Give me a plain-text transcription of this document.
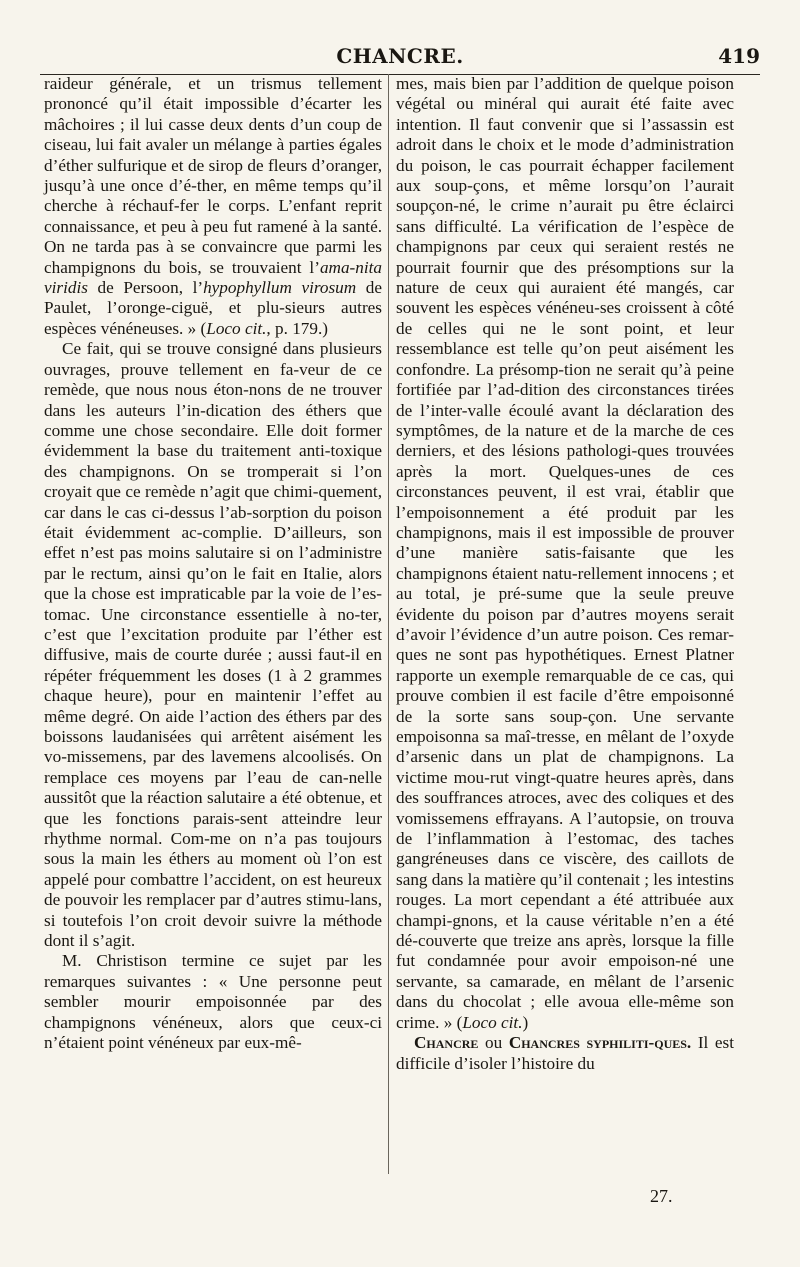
CHANCRE.	419

raideur générale, et un trismus tellement prononcé qu’il était impossible d’écarter les mâchoires ; il lui casse deux dents d’un coup de ciseau, lui fait avaler un mélange à parties égales d’éther sulfurique et de sirop de fleurs d’oranger, jusqu’à une once d’é-ther, en même temps qu’il cherche à réchauf-fer le corps. L’enfant reprit connaissance, et peu à peu fut ramené à la santé. On ne tarda pas à se convaincre que parmi les champignons du bois, se trouvaient l’ama-nita viridis de Persoon, l’hypophyllum virosum de Paulet, l’oronge-ciguë, et plu-sieurs autres espèces vénéneuses. » (Loco cit., p. 179.)

Ce fait, qui se trouve consigné dans plusieurs ouvrages, prouve tellement en fa-veur de ce remède, que nous nous éton-nons de ne trouver dans les auteurs l’in-dication des éthers que comme une chose secondaire. Elle doit former évidemment la base du traitement anti-toxique des champignons. On se tromperait si l’on croyait que ce remède n’agit que chimi-quement, car dans le cas ci-dessus l’ab-sorption du poison était évidemment ac-complie. D’ailleurs, son effet n’est pas moins salutaire si on l’administre par le rectum, ainsi qu’on le fait en Italie, alors que la chose est impraticable par la voie de l’es-tomac. Une circonstance essentielle à no-ter, c’est que l’excitation produite par l’éther est diffusive, mais de courte durée ; aussi faut-il en répéter fréquemment les doses (1 à 2 grammes chaque heure), pour en maintenir l’effet au même degré. On aide l’action des éthers par des boissons laudanisées qui arrêtent aisément les vo-missemens, par des lavemens alcoolisés. On remplace ces moyens par l’eau de can-nelle aussitôt que la réaction salutaire a été obtenue, et que les fonctions parais-sent atteindre leur rhythme normal. Com-me on n’a pas toujours sous la main les éthers au moment où l’on est appelé pour combattre l’accident, on est heureux de pouvoir les remplacer par d’autres stimu-lans, si toutefois l’on croit devoir suivre la méthode dont il s’agit.

M. Christison termine ce sujet par les remarques suivantes : « Une personne peut sembler mourir empoisonnée par des champignons vénéneux, alors que ceux-ci n’étaient point vénéneux par eux-mê-

mes, mais bien par l’addition de quelque poison végétal ou minéral qui aurait été faite avec intention. Il faut convenir que si l’assassin est adroit dans le choix et le mode d’administration du poison, le cas pourrait échapper facilement aux soup-çons, et même lorsqu’on l’aurait soupçon-né, le crime n’aurait pu être éclairci sans difficulté. La vérification de l’espèce de champignons par ceux qui seraient restés ne pourrait fournir que des présomptions sur la nature de ceux qui auraient été mangés, car souvent les espèces vénéneu-ses croissent à côté de celles qui ne le sont point, et leur ressemblance est telle qu’on peut aisément les confondre. La présomp-tion ne serait qu’à peine fortifiée par l’ad-dition des circonstances tirées de l’inter-valle écoulé avant la déclaration des symptômes, de la nature et de la marche de ces derniers, et des lésions pathologi-ques trouvées après la mort. Quelques-unes de ces circonstances peuvent, il est vrai, établir que l’empoisonnement a été produit par les champignons, mais il est impossible de prouver d’une manière satis-faisante que les champignons étaient natu-rellement innocens ; et au total, je pré-sume que la seule preuve évidente du poison par d’autres moyens serait d’avoir l’évidence d’un autre poison. Ces remar-ques ne sont pas hypothétiques. Ernest Platner rapporte un exemple remarquable de ce cas, qui prouve combien il est facile d’être empoisonné de la sorte sans soup-çon. Une servante empoisonna sa maî-tresse, en mêlant de l’oxyde d’arsenic dans un plat de champignons. La victime mou-rut vingt-quatre heures après, dans des souffrances atroces, avec des coliques et des vomissemens effrayans. A l’autopsie, on trouva de l’inflammation à l’estomac, des taches gangréneuses dans ce viscère, des caillots de sang dans la matière qu’il contenait ; les intestins rouges. La mort cependant a été attribuée aux champi-gnons, et la cause véritable n’en a été dé-couverte que treize ans après, lorsque la fille fut condamnée pour avoir empoison-né une servante, sa camarade, en mêlant de l’arsenic dans du chocolat ; elle avoua elle-même son crime. » (Loco cit.)

Chancre ou Chancres syphiliti-ques. Il est difficile d’isoler l’histoire du

27.
